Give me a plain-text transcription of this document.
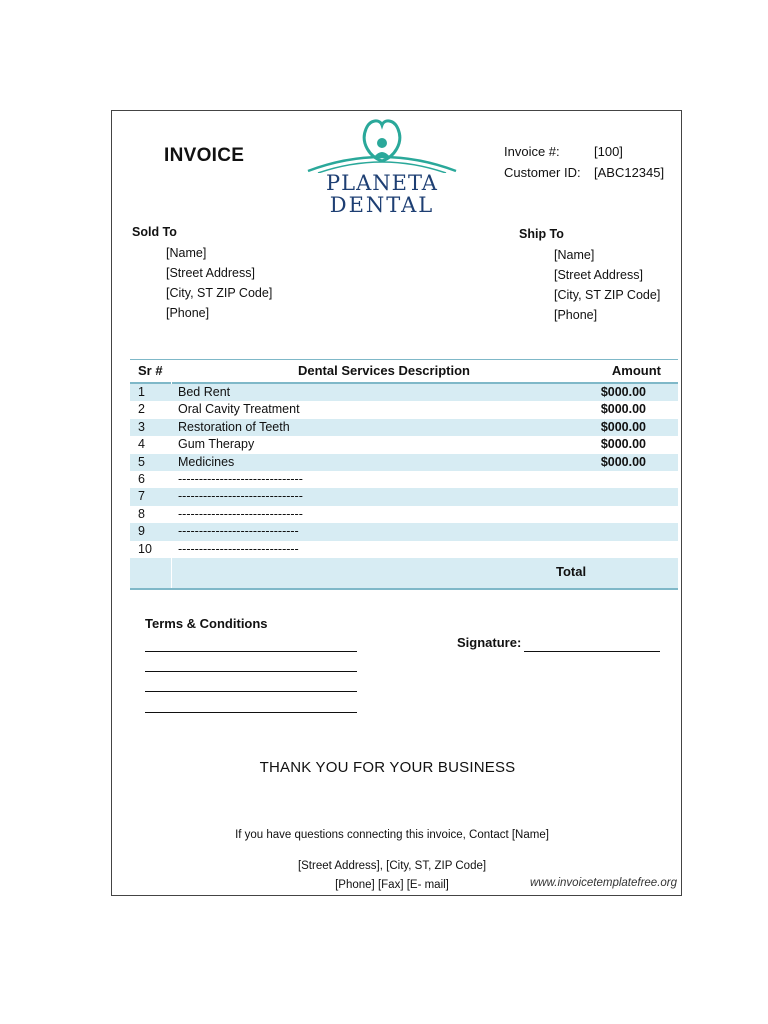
INVOICE
PLANETA
DENTAL
Invoice #:	[100]
Customer ID: [ABC12345]
Sold To
[Name]
[Street Address]
[City, ST ZIP Code]
[Phone]
Ship To
[Name]
[Street Address]
[City, ST ZIP Code]
[Phone]
Sr #	Dental Services Description	Amount
1	Bed Rent	$000.00
2	Oral Cavity Treatment	$000.00
3	Restoration of Teeth	$000.00
4	Gum Therapy	$000.00
5	Medicines	$000.00
6	------------------------------
7	------------------------------
8	------------------------------
9	-----------------------------
10 -----------------------------
Total
Terms & Conditions
Signature:
THANK YOU FOR YOUR BUSINESS
If you have questions connecting this invoice, Contact [Name]
[Street Address], [City, ST, ZIP Code]
[Phone] [Fax] [E- mail]	www.invoicetemplatefree.org
